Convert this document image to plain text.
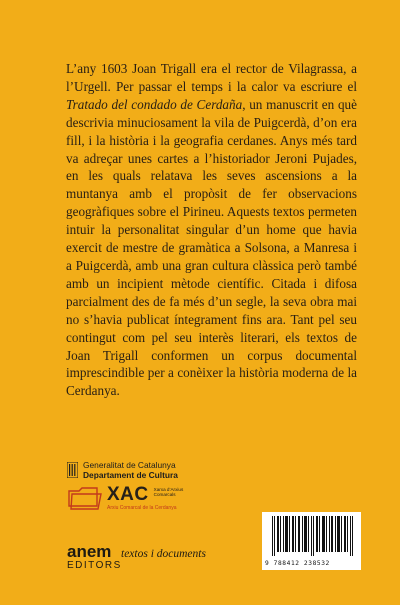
L’any 1603 Joan Trigall era el rector de Vilagrassa, a l’Urgell. Per passar el temps i la calor va escriure el Tratado del condado de Cerdaña, un manuscrit en què descrivia minuciosament la vila de Puigcerdà, d’on era fill, i la història i la geografia cerdanes. Anys més tard va adreçar unes cartes a l’historiador Jeroni Pujades, en les quals relatava les seves ascensions a la muntanya amb el propòsit de fer observacions geogràfiques sobre el Pirineu. Aquests textos permeten intuir la personalitat singular d’un home que havia exercit de mestre de gramàtica a Solsona, a Manresa i a Puigcerdà, amb una gran cultura clàssica però també amb un incipient mètode científic. Citada i difosa parcialment des de fa més d’un segle, la seva obra mai no s’havia publicat íntegrament fins ara. Tant pel seu contingut com pel seu interès literari, els textos de Joan Trigall conformen un corpus documental imprescindible per a conèixer la història moderna de la Cerdanya.

Generalitat de Catalunya
Departament de Cultura
XAC Xarxa d’Arxius Comarcals
Arxiu Comarcal de la Cerdanya
anem
EDITORS
textos i documents
9 788412 238532
